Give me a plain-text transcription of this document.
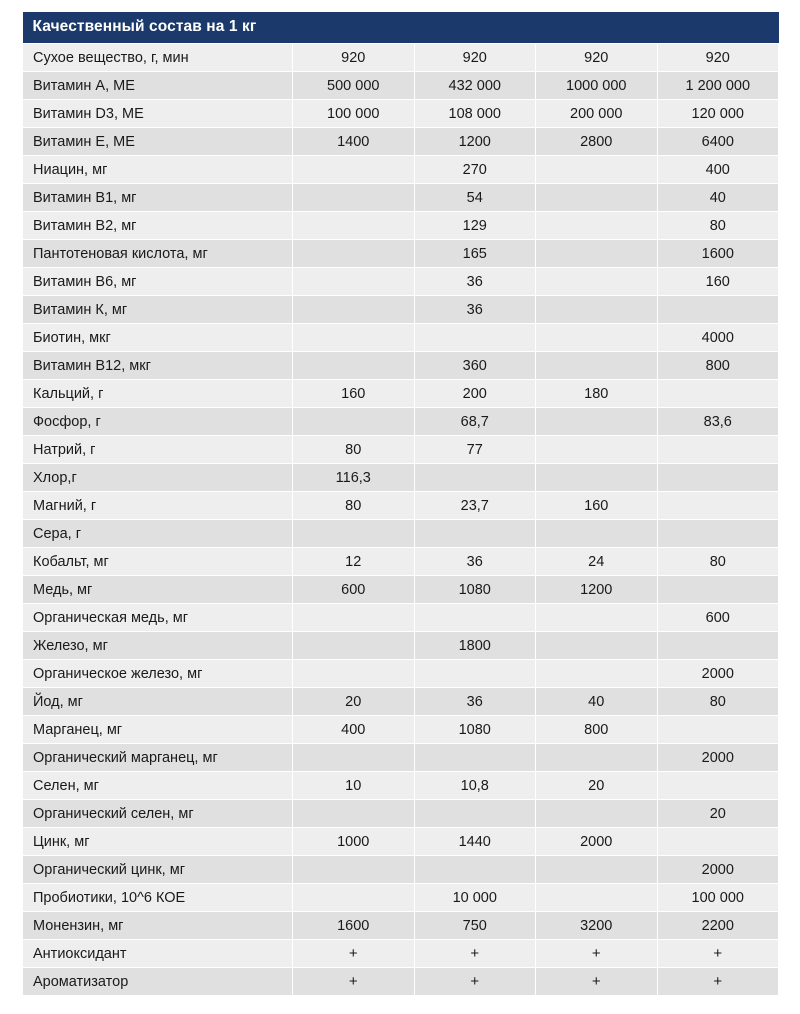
Качественный состав на 1 кг				
Сухое вещество, г, мин	920	920	920	920
Витамин А, МЕ	500 000	432 000	1000 000	1 200 000
Витамин D3, МЕ	100 000	108 000	200 000	120 000
Витамин Е, МЕ	1400	1200	2800	6400
Ниацин, мг		270		400
Витамин В1, мг		54		40
Витамин В2, мг		129		80
Пантотеновая кислота, мг		165		1600
Витамин В6, мг		36		160
Витамин К, мг		36		
Биотин, мкг				4000
Витамин В12, мкг		360		800
Кальций, г	160	200	180	
Фосфор, г		68,7		83,6
Натрий, г	80	77		
Хлор,г	116,3			
Магний, г	80	23,7	160	
Сера, г				
Кобальт, мг	12	36	24	80
Медь, мг	600	1080	1200	
Органическая медь, мг				600
Железо, мг		1800		
Органическое железо, мг				2000
Йод, мг	20	36	40	80
Марганец, мг	400	1080	800	
Органический марганец, мг				2000
Селен, мг	10	10,8	20	
Органический селен, мг				20
Цинк, мг	1000	1440	2000	
Органический цинк, мг				2000
Пробиотики, 10^6 КОЕ		10 000		100 000
Монензин, мг	1600	750	3200	2200
Антиоксидант	+	+	+	+
Ароматизатор	+	+	+	+
